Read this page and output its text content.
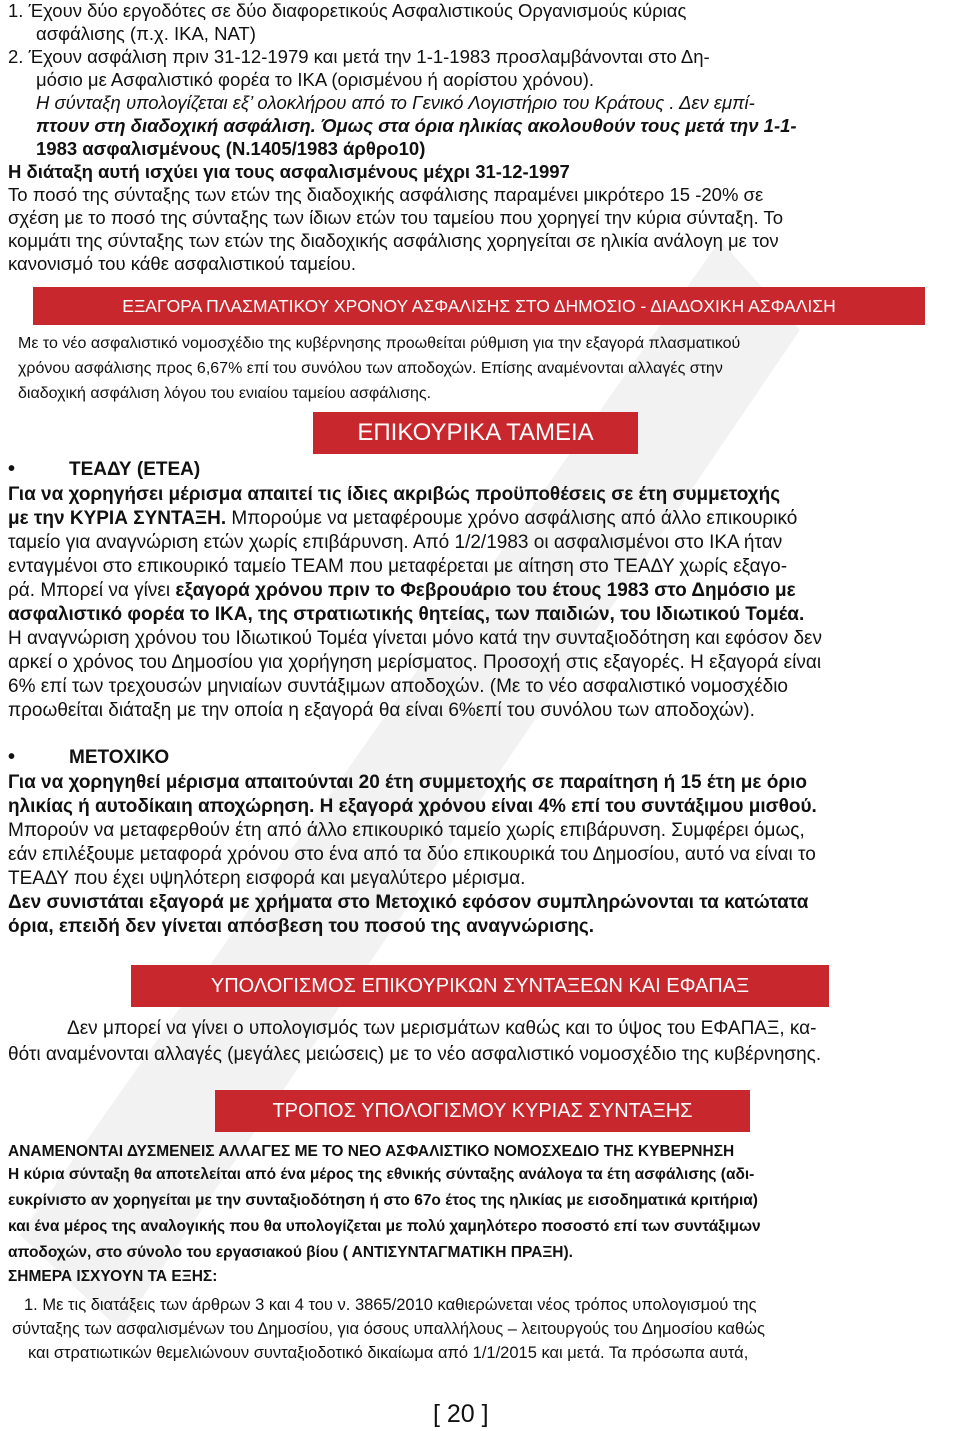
1. Έχουν δύο εργοδότες σε δύο διαφορετικούς Ασφαλιστικούς Οργανισμούς κύριας
ασφάλισης (π.χ. ΙΚΑ, ΝΑΤ)
2. Έχουν ασφάλιση πριν 31-12-1979 και μετά την 1-1-1983 προσλαμβάνονται στο Δη-
μόσιο με Ασφαλιστικό φορέα το ΙΚΑ (ορισμένου ή αορίστου χρόνου).
Η σύνταξη υπολογίζεται εξ’ ολοκλήρου από το Γενικό Λογιστήριο του Κράτους . Δεν εμπί-
πτουν στη διαδοχική ασφάλιση. Όμως στα όρια ηλικίας ακολουθούν τους μετά την 1-1-
1983 ασφαλισμένους (Ν.1405/1983 άρθρο10)
Η διάταξη αυτή ισχύει για τους ασφαλισμένους μέχρι 31-12-1997
Το ποσό της σύνταξης των ετών της διαδοχικής ασφάλισης παραμένει μικρότερο 15 -20% σε
σχέση με το ποσό της σύνταξης των ίδιων ετών του ταμείου που χορηγεί την κύρια σύνταξη. Το
κομμάτι της σύνταξης των ετών της διαδοχικής ασφάλισης χορηγείται σε ηλικία ανάλογη με τον
κανονισμό του κάθε ασφαλιστικού ταμείου.
ΕΞΑΓΟΡΑ ΠΛΑΣΜΑΤΙΚΟΥ ΧΡΟΝΟΥ ΑΣΦΑΛΙΣΗΣ ΣΤΟ ΔΗΜΟΣΙΟ - ΔΙΑΔΟΧΙΚΗ ΑΣΦΑΛΙΣΗ
Με το νέο ασφαλιστικό νομοσχέδιο της κυβέρνησης προωθείται ρύθμιση για την εξαγορά πλασματικού
χρόνου ασφάλισης προς 6,67% επί του συνόλου των αποδοχών. Επίσης αναμένονται αλλαγές στην
διαδοχική ασφάλιση λόγου του ενιαίου ταμείου ασφάλισης.
ΕΠΙΚΟΥΡΙΚΑ ΤΑΜΕΙΑ
•	ΤΕΑΔΥ (ΕΤΕΑ)
Για να χορηγήσει μέρισμα απαιτεί τις ίδιες ακριβώς προϋποθέσεις σε έτη συμμετοχής
με την ΚΥΡΙΑ ΣΥΝΤΑΞΗ. Μπορούμε να μεταφέρουμε χρόνο ασφάλισης από άλλο επικουρικό
ταμείο για αναγνώριση ετών χωρίς επιβάρυνση. Από 1/2/1983 οι ασφαλισμένοι στο ΙΚΑ ήταν
ενταγμένοι στο επικουρικό ταμείο ΤΕΑΜ που μεταφέρεται με αίτηση στο ΤΕΑΔΥ χωρίς εξαγο-
ρά. Μπορεί να γίνει εξαγορά χρόνου πριν το Φεβρουάριο του έτους 1983 στο Δημόσιο με
ασφαλιστικό φορέα το ΙΚΑ, της στρατιωτικής θητείας, των παιδιών, του Ιδιωτικού Τομέα.
Η αναγνώριση χρόνου του Ιδιωτικού Τομέα γίνεται μόνο κατά την συνταξιοδότηση και εφόσον δεν
αρκεί ο χρόνος του Δημοσίου για χορήγηση μερίσματος. Προσοχή στις εξαγορές. Η εξαγορά είναι
6% επί των τρεχουσών μηνιαίων συντάξιμων αποδοχών. (Με το νέο ασφαλιστικό νομοσχέδιο
προωθείται διάταξη με την οποία η εξαγορά θα είναι 6%επί του συνόλου των αποδοχών).
•	ΜΕΤΟΧΙΚΟ
Για να χορηγηθεί μέρισμα απαιτούνται 20 έτη συμμετοχής σε παραίτηση ή 15 έτη με όριο
ηλικίας ή αυτοδίκαιη αποχώρηση. Η εξαγορά χρόνου είναι 4% επί του συντάξιμου μισθού.
Μπορούν να μεταφερθούν έτη από άλλο επικουρικό ταμείο χωρίς επιβάρυνση. Συμφέρει όμως,
εάν επιλέξουμε μεταφορά χρόνου στο ένα από τα δύο επικουρικά του Δημοσίου, αυτό να είναι το
ΤΕΑΔΥ που έχει υψηλότερη εισφορά και μεγαλύτερο μέρισμα.
Δεν συνιστάται εξαγορά με χρήματα στο Μετοχικό εφόσον συμπληρώνονται τα κατώτατα
όρια, επειδή δεν γίνεται απόσβεση του ποσού της αναγνώρισης.
ΥΠΟΛΟΓΙΣΜΟΣ ΕΠΙΚΟΥΡΙΚΩΝ ΣΥΝΤΑΞΕΩΝ ΚΑΙ ΕΦΑΠΑΞ
Δεν μπορεί να γίνει ο υπολογισμός των μερισμάτων καθώς και το ύψος του ΕΦΑΠΑΞ, κα-
θότι αναμένονται αλλαγές (μεγάλες μειώσεις) με το νέο ασφαλιστικό νομοσχέδιο της κυβέρνησης.
ΤΡΟΠΟΣ ΥΠΟΛΟΓΙΣΜΟΥ ΚΥΡΙΑΣ ΣΥΝΤΑΞΗΣ
ΑΝΑΜΕΝΟΝΤΑΙ ΔΥΣΜΕΝΕΙΣ ΑΛΛΑΓΕΣ ΜΕ ΤΟ ΝΕΟ ΑΣΦΑΛΙΣΤΙΚΟ ΝΟΜΟΣΧΕΔΙΟ ΤΗΣ ΚΥΒΕΡΝΗΣΗ
Η κύρια σύνταξη θα αποτελείται από ένα μέρος της εθνικής σύνταξης ανάλογα τα έτη ασφάλισης (αδι-
ευκρίνιστο αν χορηγείται με την συνταξιοδότηση ή στο 67ο έτος της ηλικίας με εισοδηματικά κριτήρια)
και ένα μέρος της αναλογικής που θα υπολογίζεται με πολύ χαμηλότερο ποσοστό επί των συντάξιμων
αποδοχών, στο σύνολο του εργασιακού βίου ( ΑΝΤΙΣΥΝΤΑΓΜΑΤΙΚΗ ΠΡΑΞΗ).
ΣΗΜΕΡΑ ΙΣΧΥΟΥΝ ΤΑ ΕΞΗΣ:
1. Με τις διατάξεις των άρθρων 3 και 4 του ν. 3865/2010 καθιερώνεται νέος τρόπος υπολογισμού της
σύνταξης των ασφαλισμένων του Δημοσίου, για όσους υπαλλήλους – λειτουργούς του Δημοσίου καθώς
και στρατιωτικών θεμελιώνουν συνταξιοδοτικό δικαίωμα από 1/1/2015 και μετά. Τα πρόσωπα αυτά,
[ 20 ]
